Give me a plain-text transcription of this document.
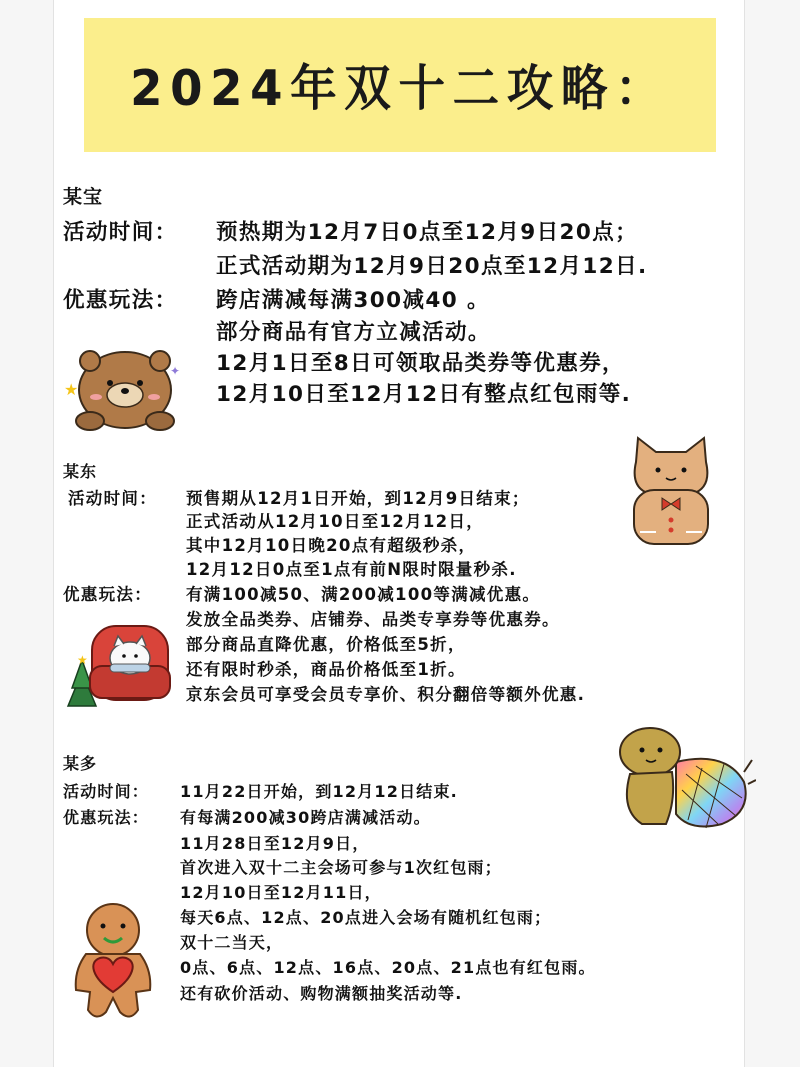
2024年双十二攻略：
某宝
活动时间： 预热期为12月7日0点至12月9日20点；
正式活动期为12月9日20点至12月12日.
优惠玩法： 跨店满减每满300减40 。
部分商品有官方立减活动。
12月1日至8日可领取品类券等优惠券，
12月10日至12月12日有整点红包雨等.
某东
活动时间： 预售期从12月1日开始，到12月9日结束；
正式活动从12月10日至12月12日，
其中12月10日晚20点有超级秒杀，
12月12日0点至1点有前N限时限量秒杀.
优惠玩法： 有满100减50、满200减100等满减优惠。
发放全品类券、店铺券、品类专享券等优惠券。
部分商品直降优惠，价格低至5折，
还有限时秒杀，商品价格低至1折。
京东会员可享受会员专享价、积分翻倍等额外优惠.
某多
活动时间： 11月22日开始，到12月12日结束.
优惠玩法： 有每满200减30跨店满减活动。
11月28日至12月9日，
首次进入双十二主会场可参与1次红包雨；
12月10日至12月11日，
每天6点、12点、20点进入会场有随机红包雨；
双十二当天，
0点、6点、12点、16点、20点、21点也有红包雨。
还有砍价活动、购物满额抽奖活动等.
★
✦
★
